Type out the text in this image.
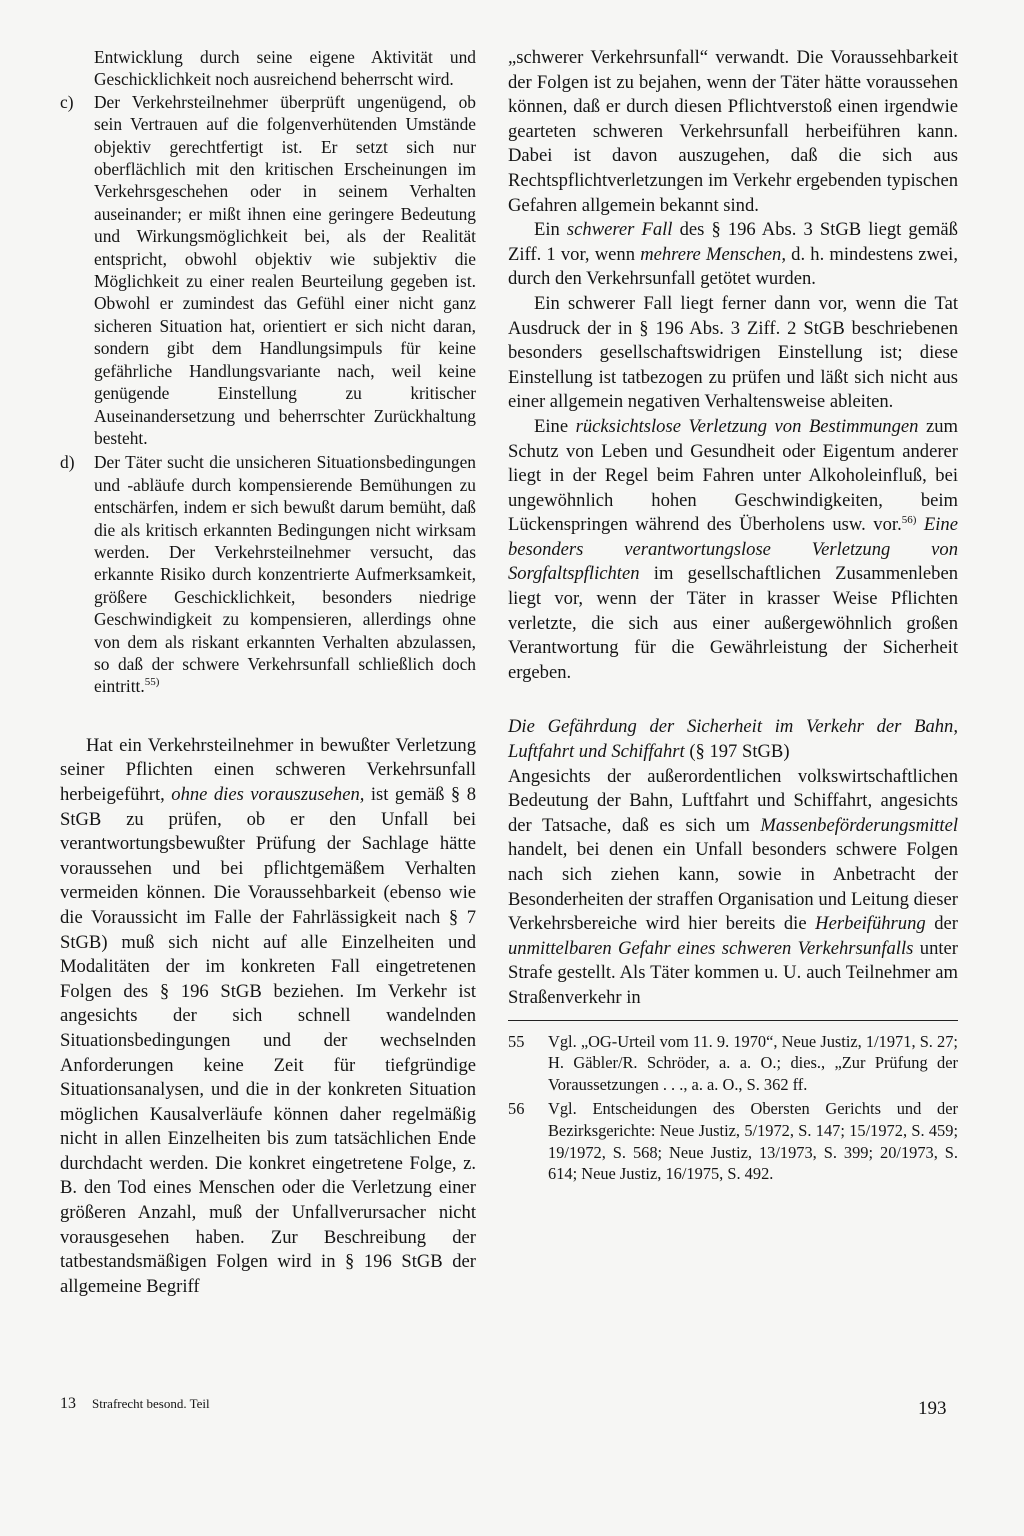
Entwicklung durch seine eigene Aktivität und Geschicklichkeit noch ausreichend beherrscht wird.

c) Der Verkehrsteilnehmer überprüft ungenügend, ob sein Vertrauen auf die folgenverhütenden Umstände objektiv gerechtfertigt ist. Er setzt sich nur oberflächlich mit den kritischen Erscheinungen im Verkehrsgeschehen oder in seinem Verhalten auseinander; er mißt ihnen eine geringere Bedeutung und Wirkungsmöglichkeit bei, als der Realität entspricht, obwohl objektiv wie subjektiv die Möglichkeit zu einer realen Beurteilung gegeben ist. Obwohl er zumindest das Gefühl einer nicht ganz sicheren Situation hat, orientiert er sich nicht daran, sondern gibt dem Handlungsimpuls für keine gefährliche Handlungsvariante nach, weil keine genügende Einstellung zu kritischer Auseinandersetzung und beherrschter Zurückhaltung besteht.
d) Der Täter sucht die unsicheren Situationsbedingungen und -abläufe durch kompensierende Bemühungen zu entschärfen, indem er sich bewußt darum bemüht, daß die als kritisch erkannten Bedingungen nicht wirksam werden. Der Verkehrsteilnehmer versucht, das erkannte Risiko durch konzentrierte Aufmerksamkeit, größere Geschicklichkeit, besonders niedrige Geschwindigkeit zu kompensieren, allerdings ohne von dem als riskant erkannten Verhalten abzulassen, so daß der schwere Verkehrsunfall schließlich doch eintritt.$^{55)}$

Hat ein Verkehrsteilnehmer in bewußter Verletzung seiner Pflichten einen schweren Verkehrsunfall herbeigeführt, ohne dies vorauszusehen, ist gemäß § 8 StGB zu prüfen, ob er den Unfall bei verantwortungsbewußter Prüfung der Sachlage hätte voraussehen und bei pflichtgemäßem Verhalten vermeiden können. Die Voraussehbarkeit (ebenso wie die Voraussicht im Falle der Fahrlässigkeit nach § 7 StGB) muß sich nicht auf alle Einzelheiten und Modalitäten der im konkreten Fall eingetretenen Folgen des § 196 StGB beziehen. Im Verkehr ist angesichts der sich schnell wandelnden Situationsbedingungen und der wechselnden Anforderungen keine Zeit für tiefgründige Situationsanalysen, und die in der konkreten Situation möglichen Kausalverläufe können daher regelmäßig nicht in allen Einzelheiten bis zum tatsächlichen Ende durchdacht werden. Die konkret eingetretene Folge, z. B. den Tod eines Menschen oder die Verletzung einer größeren Anzahl, muß der Unfallverursacher nicht vorausgesehen haben. Zur Beschreibung der tatbestandsmäßigen Folgen wird in § 196 StGB der allgemeine Begriff

„schwerer Verkehrsunfall“ verwandt. Die Voraussehbarkeit der Folgen ist zu bejahen, wenn der Täter hätte voraussehen können, daß er durch diesen Pflichtverstoß einen irgendwie gearteten schweren Verkehrsunfall herbeiführen kann. Dabei ist davon auszugehen, daß die sich aus Rechtspflichtverletzungen im Verkehr ergebenden typischen Gefahren allgemein bekannt sind.

Ein schwerer Fall des § 196 Abs. 3 StGB liegt gemäß Ziff. 1 vor, wenn mehrere Menschen, d. h. mindestens zwei, durch den Verkehrsunfall getötet wurden.

Ein schwerer Fall liegt ferner dann vor, wenn die Tat Ausdruck der in § 196 Abs. 3 Ziff. 2 StGB beschriebenen besonders gesellschaftswidrigen Einstellung ist; diese Einstellung ist tatbezogen zu prüfen und läßt sich nicht aus einer allgemein negativen Verhaltensweise ableiten.

Eine rücksichtslose Verletzung von Bestimmungen zum Schutz von Leben und Gesundheit oder Eigentum anderer liegt in der Regel beim Fahren unter Alkoholeinfluß, bei ungewöhnlich hohen Geschwindigkeiten, beim Lückenspringen während des Überholens usw. vor.$^{56)}$ Eine besonders verantwortungslose Verletzung von Sorgfaltspflichten im gesellschaftlichen Zusammenleben liegt vor, wenn der Täter in krasser Weise Pflichten verletzte, die sich aus einer außergewöhnlich großen Verantwortung für die Gewährleistung der Sicherheit ergeben.

Die Gefährdung der Sicherheit im Verkehr der Bahn, Luftfahrt und Schiffahrt (§ 197 StGB)

Angesichts der außerordentlichen volkswirtschaftlichen Bedeutung der Bahn, Luftfahrt und Schiffahrt, angesichts der Tatsache, daß es sich um Massenbeförderungsmittel handelt, bei denen ein Unfall besonders schwere Folgen nach sich ziehen kann, sowie in Anbetracht der Besonderheiten der straffen Organisation und Leitung dieser Verkehrsbereiche wird hier bereits die Herbeiführung der unmittelbaren Gefahr eines schweren Verkehrsunfalls unter Strafe gestellt. Als Täter kommen u. U. auch Teilnehmer am Straßenverkehr in

55 Vgl. „OG-Urteil vom 11. 9. 1970“, Neue Justiz, 1/1971, S. 27; H. Gäbler/R. Schröder, a. a. O.; dies., „Zur Prüfung der Voraussetzungen . . ., a. a. O., S. 362 ff.
56 Vgl. Entscheidungen des Obersten Gerichts und der Bezirksgerichte: Neue Justiz, 5/1972, S. 147; 15/1972, S. 459; 19/1972, S. 568; Neue Justiz, 13/1973, S. 399; 20/1973, S. 614; Neue Justiz, 16/1975, S. 492.
13 Strafrecht besond. Teil	193
